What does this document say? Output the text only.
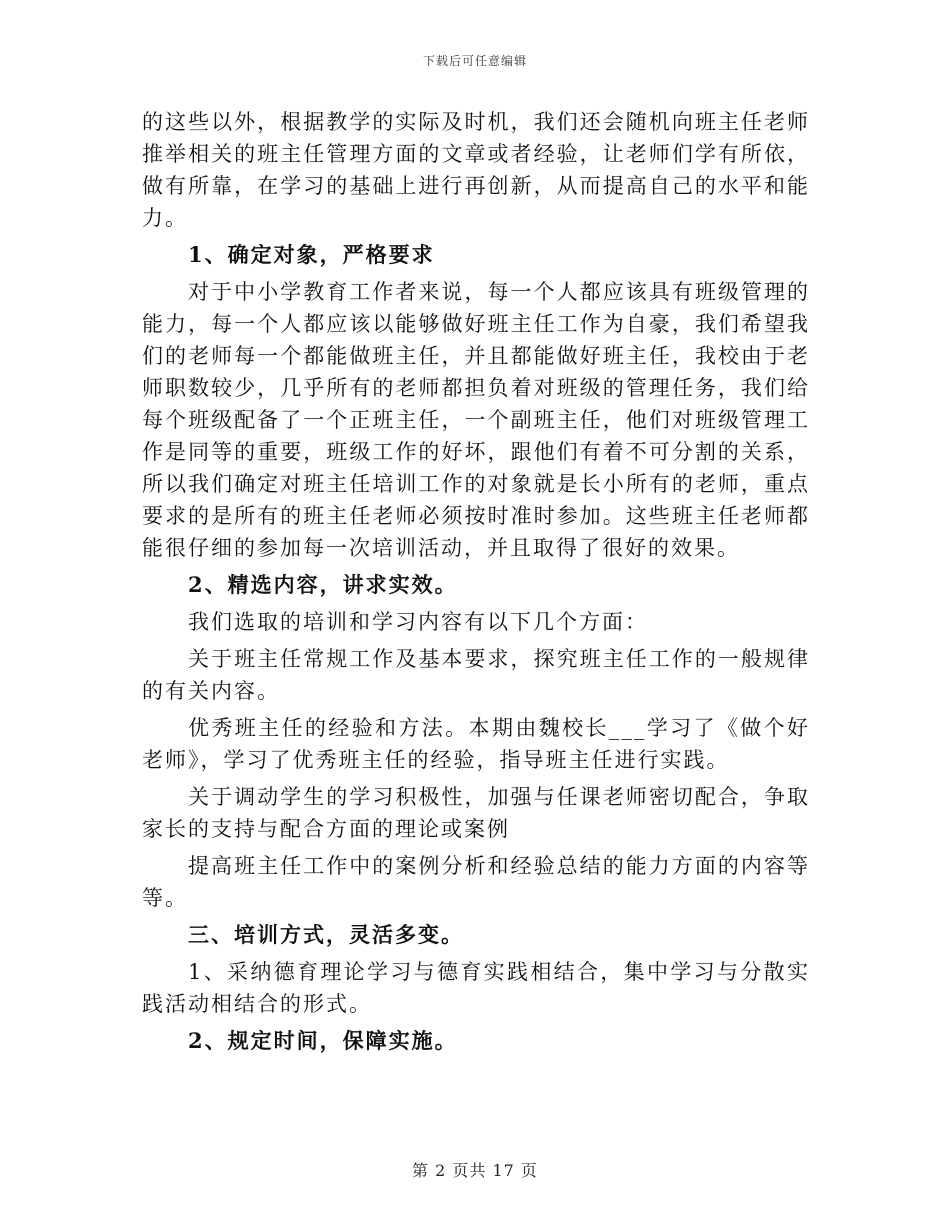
下载后可任意编辑

的这些以外，根据教学的实际及时机，我们还会随机向班主任老师推举相关的班主任管理方面的文章或者经验，让老师们学有所依，做有所靠，在学习的基础上进行再创新，从而提高自己的水平和能力。

1、确定对象，严格要求

对于中小学教育工作者来说，每一个人都应该具有班级管理的能力，每一个人都应该以能够做好班主任工作为自豪，我们希望我们的老师每一个都能做班主任，并且都能做好班主任，我校由于老师职数较少，几乎所有的老师都担负着对班级的管理任务，我们给每个班级配备了一个正班主任，一个副班主任，他们对班级管理工作是同等的重要，班级工作的好坏，跟他们有着不可分割的关系，所以我们确定对班主任培训工作的对象就是长小所有的老师，重点要求的是所有的班主任老师必须按时准时参加。这些班主任老师都能很仔细的参加每一次培训活动，并且取得了很好的效果。

2、精选内容，讲求实效。

我们选取的培训和学习内容有以下几个方面：

关于班主任常规工作及基本要求，探究班主任工作的一般规律的有关内容。

优秀班主任的经验和方法。本期由魏校长___学习了《做个好老师》，学习了优秀班主任的经验，指导班主任进行实践。

关于调动学生的学习积极性，加强与任课老师密切配合，争取家长的支持与配合方面的理论或案例

提高班主任工作中的案例分析和经验总结的能力方面的内容等等。

三、培训方式，灵活多变。

1、采纳德育理论学习与德育实践相结合，集中学习与分散实践活动相结合的形式。

2、规定时间，保障实施。

第 2 页共 17 页
